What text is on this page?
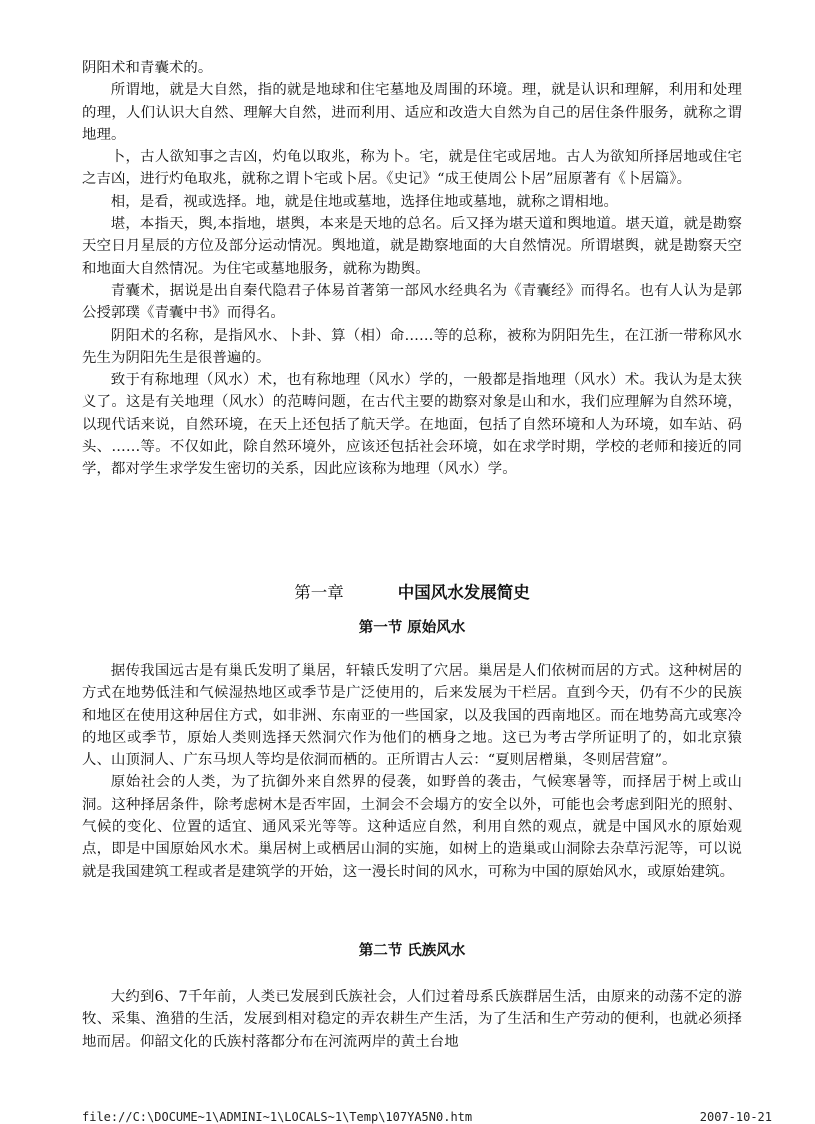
阴阳术和青囊术的。

所谓地，就是大自然，指的就是地球和住宅墓地及周围的环境。理，就是认识和理解，利用和处理的理，人们认识大自然、理解大自然，进而利用、适应和改造大自然为自己的居住条件服务，就称之谓地理。

卜，古人欲知事之吉凶，灼龟以取兆，称为卜。宅，就是住宅或居地。古人为欲知所择居地或住宅之吉凶，进行灼龟取兆，就称之谓卜宅或卜居。《史记》“成王使周公卜居”屈原著有《卜居篇》。

相，是看，视或选择。地，就是住地或墓地，选择住地或墓地，就称之谓相地。

堪，本指天，舆,本指地，堪舆，本来是天地的总名。后又择为堪天道和舆地道。堪天道，就是勘察天空日月星辰的方位及部分运动情况。舆地道，就是勘察地面的大自然情况。所谓堪舆，就是勘察天空和地面大自然情况。为住宅或墓地服务，就称为勘舆。

青囊术，据说是出自秦代隐君子体易首著第一部风水经典名为《青囊经》而得名。也有人认为是郭公授郭璞《青囊中书》而得名。

阴阳术的名称，是指风水、卜卦、算（相）命……等的总称，被称为阴阳先生，在江浙一带称风水先生为阴阳先生是很普遍的。

致于有称地理（风水）术，也有称地理（风水）学的，一般都是指地理（风水）术。我认为是太狭义了。这是有关地理（风水）的范畴问题，在古代主要的勘察对象是山和水，我们应理解为自然环境，以现代话来说，自然环境，在天上还包括了航天学。在地面，包括了自然环境和人为环境，如车站、码头、……等。不仅如此，除自然环境外，应该还包括社会环境，如在求学时期，学校的老师和接近的同学，都对学生求学发生密切的关系，因此应该称为地理（风水）学。

第一章	中国风水发展简史
第一节 原始风水

据传我国远古是有巢氏发明了巢居，轩辕氏发明了穴居。巢居是人们依树而居的方式。这种树居的方式在地势低洼和气候湿热地区或季节是广泛使用的，后来发展为干栏居。直到今天，仍有不少的民族和地区在使用这种居住方式，如非洲、东南亚的一些国家，以及我国的西南地区。而在地势高亢或寒冷的地区或季节，原始人类则选择天然洞穴作为他们的栖身之地。这已为考古学所证明了的，如北京猿人、山顶洞人、广东马坝人等均是依洞而栖的。正所谓古人云：“夏则居橧巢，冬则居营窟”。

原始社会的人类，为了抗御外来自然界的侵袭，如野兽的袭击，气候寒暑等，而择居于树上或山洞。这种择居条件，除考虑树木是否牢固，土洞会不会塌方的安全以外，可能也会考虑到阳光的照射、气候的变化、位置的适宜、通风采光等等。这种适应自然，利用自然的观点，就是中国风水的原始观点，即是中国原始风水术。巢居树上或栖居山洞的实施，如树上的造巢或山洞除去杂草污泥等，可以说就是我国建筑工程或者是建筑学的开始，这一漫长时间的风水，可称为中国的原始风水，或原始建筑。

第二节 氏族风水

大约到6、7千年前，人类已发展到氏族社会，人们过着母系氏族群居生活，由原来的动荡不定的游牧、采集、渔猎的生活，发展到相对稳定的弄农耕生产生活，为了生活和生产劳动的便利，也就必须择地而居。仰韶文化的氏族村落都分布在河流两岸的黄土台地

file://C:\DOCUME~1\ADMINI~1\LOCALS~1\Temp\107YA5N0.htm	2007-10-21
